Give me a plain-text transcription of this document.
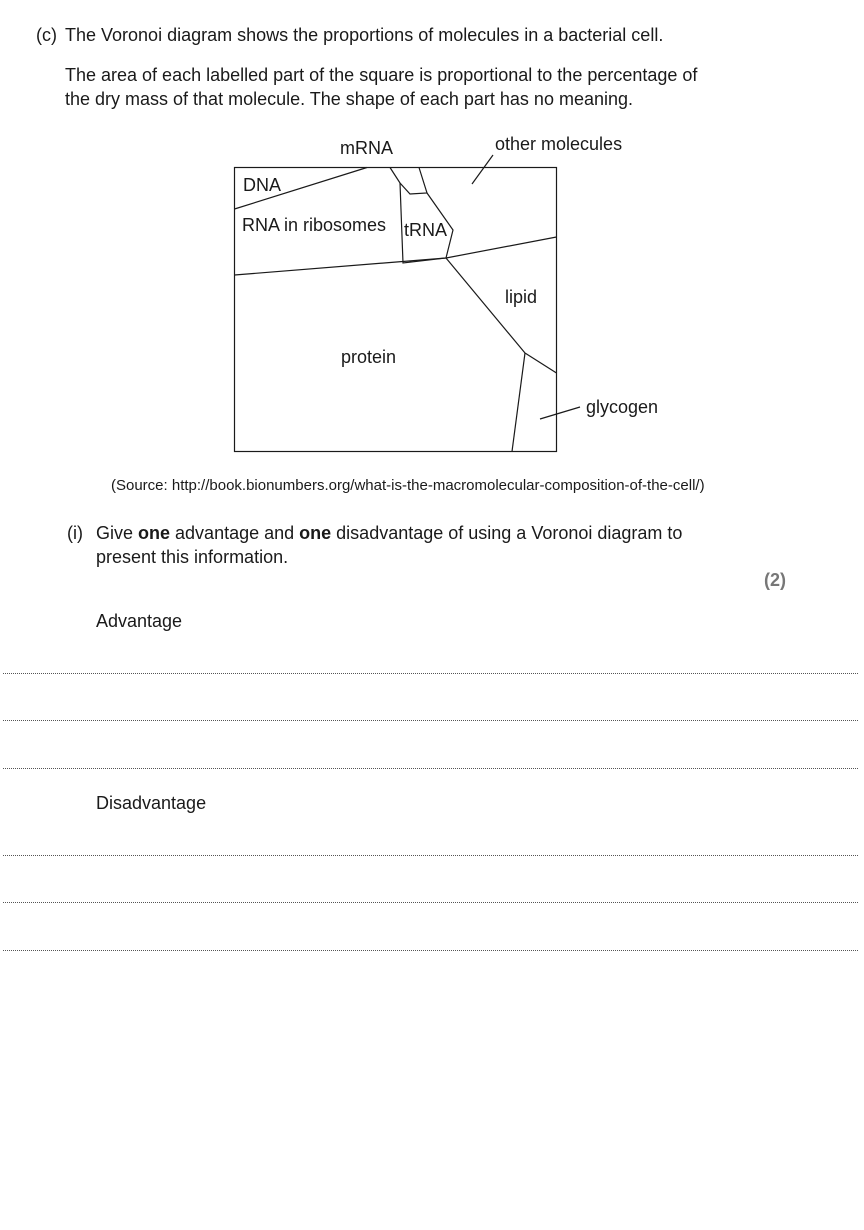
(c) The Voronoi diagram shows the proportions of molecules in a bacterial cell.
The area of each labelled part of the square is proportional to the percentage of
the dry mass of that molecule. The shape of each part has no meaning.
mRNA	other molecules
DNA
RNA in ribosomes tRNA
lipid
protein
glycogen
(Source: http://book.bionumbers.org/what-is-the-macromolecular-composition-of-the-cell/)
(i) Give one advantage and one disadvantage of using a Voronoi diagram to
present this information.
(2)
Advantage
Disadvantage
